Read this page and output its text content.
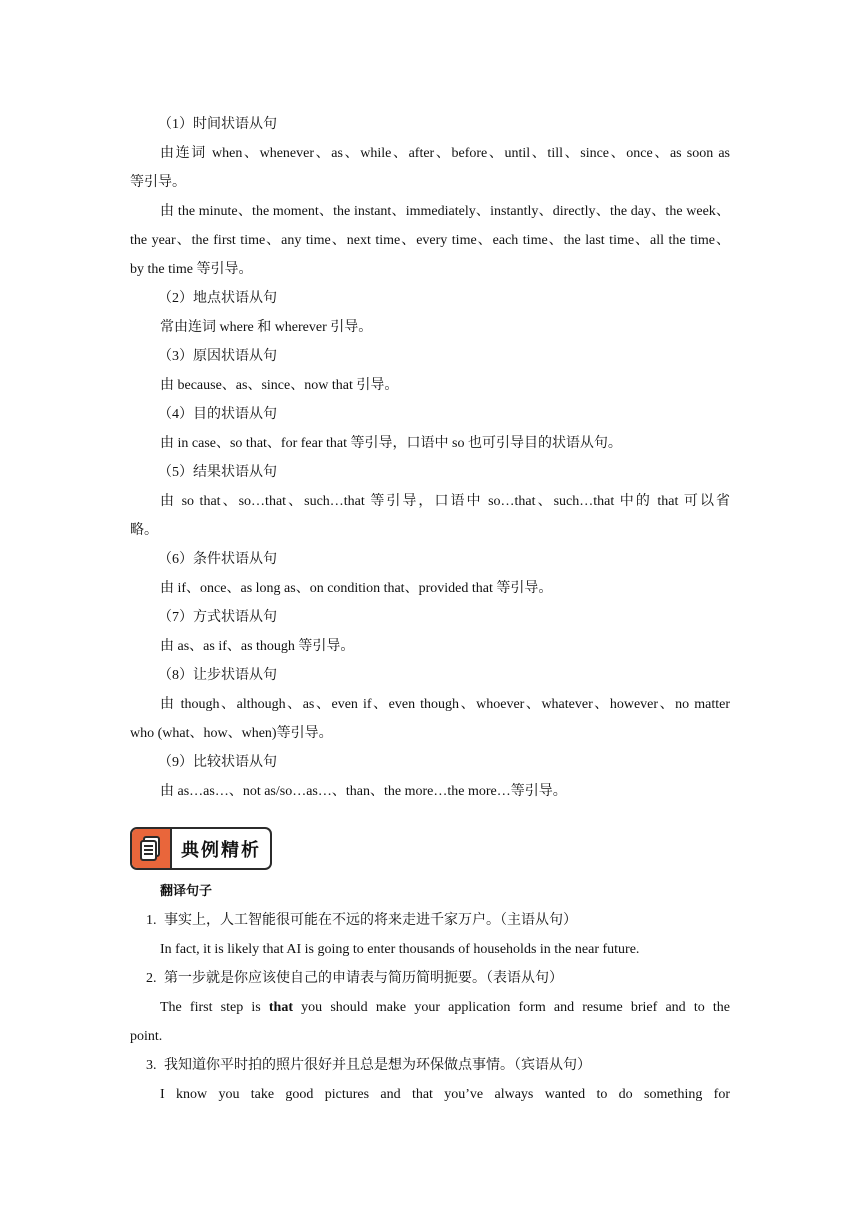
（1）时间状语从句

由连词 when、whenever、as、while、after、before、until、till、since、once、as soon as

等引导。

由 the minute、the moment、the instant、immediately、instantly、directly、the day、the week、

the year、the first time、any time、next time、every time、each time、the last time、all the time、

by the time 等引导。

（2）地点状语从句

常由连词 where 和 wherever 引导。

（3）原因状语从句

由 because、as、since、now that 引导。

（4）目的状语从句

由 in case、so that、for fear that 等引导，口语中 so 也可引导目的状语从句。

（5）结果状语从句

由 so that、so…that、such…that 等引导，口语中 so…that、such…that 中的 that 可以省

略。

（6）条件状语从句

由 if、once、as long as、on condition that、provided that 等引导。

（7）方式状语从句

由 as、as if、as though 等引导。

（8）让步状语从句

由 though、although、as、even if、even though、whoever、whatever、however、no matter

who (what、how、when)等引导。

（9）比较状语从句

由 as…as…、not as/so…as…、than、the more…the more…等引导。

典例精析

翻译句子

1. 事实上，人工智能很可能在不远的将来走进千家万户。（主语从句）

In fact, it is likely that AI is going to enter thousands of households in the near future.

2. 第一步就是你应该使自己的申请表与简历简明扼要。（表语从句）

The first step is that you should make your application form and resume brief and to the

point.

3. 我知道你平时拍的照片很好并且总是想为环保做点事情。（宾语从句）

I know you take good pictures and that you’ve always wanted to do something for
